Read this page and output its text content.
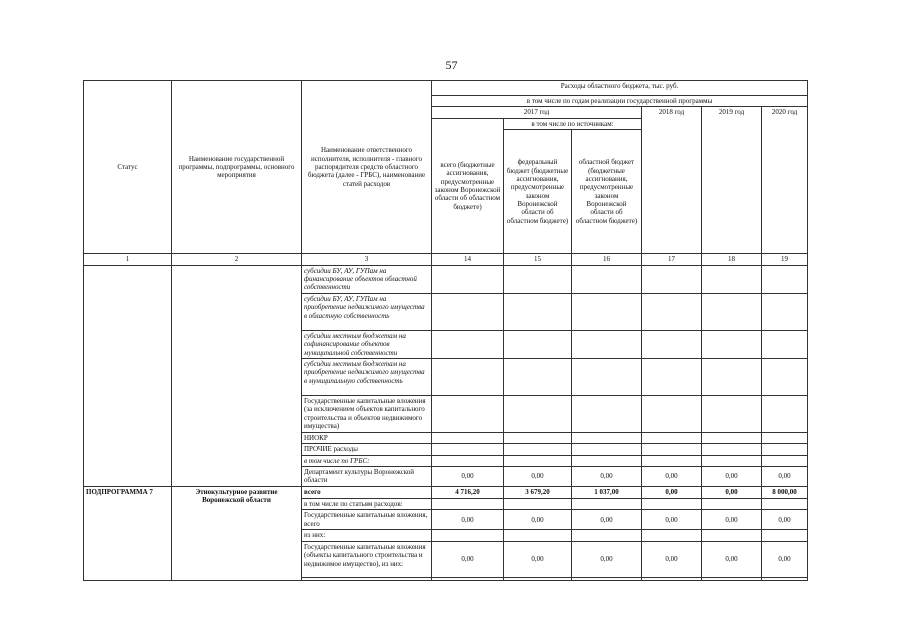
57
Статус	Наименование государственной программы, подпрограммы, основного мероприятия	Наименование ответственного исполнителя, исполнителя - главного распорядителя средств областного бюджета (далее - ГРБС), наименование статей расходов	Расходы областного бюджета, тыс. руб.					
			в том числе по годам реализации государственной программы					
			2017 год			2018 год	2019 год	2020 год
			всего (бюджетные ассигнования, предусмотренные законом Воронежской области об областном бюджете)	в том числе по источникам:				
				федеральный бюджет (бюджетные ассигнования, предусмотренные законом Воронежской области об областном бюджете)	областной бюджет (бюджетные ассигнования, предусмотренные законом Воронежской области об областном бюджете)			
1	2	3	14	15	16	17	18	19
		субсидии БУ, АУ, ГУПам на финансирование объектов областной собственности						
		субсидии БУ, АУ, ГУПам на приобретение недвижимого имущества в областную собственность						
		субсидии местным бюджетам на софинансирование объектов муниципальной собственности						
		субсидии местным бюджетам на приобретение недвижимого имущества в муниципальную собственность						
		Государственные капитальные вложения (за исключением объектов капитального строительства и объектов недвижимого имущества)						
		НИОКР						
		ПРОЧИЕ расходы						
		в том числе по ГРБС:						
		Департамент культуры Воронежской области	0,00	0,00	0,00	0,00	0,00	0,00
ПОДПРОГРАММА 7	Этнокультурное развитие Воронежской области	всего	4 716,20	3 679,20	1 037,00	0,00	0,00	8 000,00
		в том числе по статьям расходов:						
		Государственные капитальные вложения, всего	0,00	0,00	0,00	0,00	0,00	0,00
		из них:						
		Государственные капитальные вложения (объекты капитального строительства и недвижимое имущество), из них:	0,00	0,00	0,00	0,00	0,00	0,00
